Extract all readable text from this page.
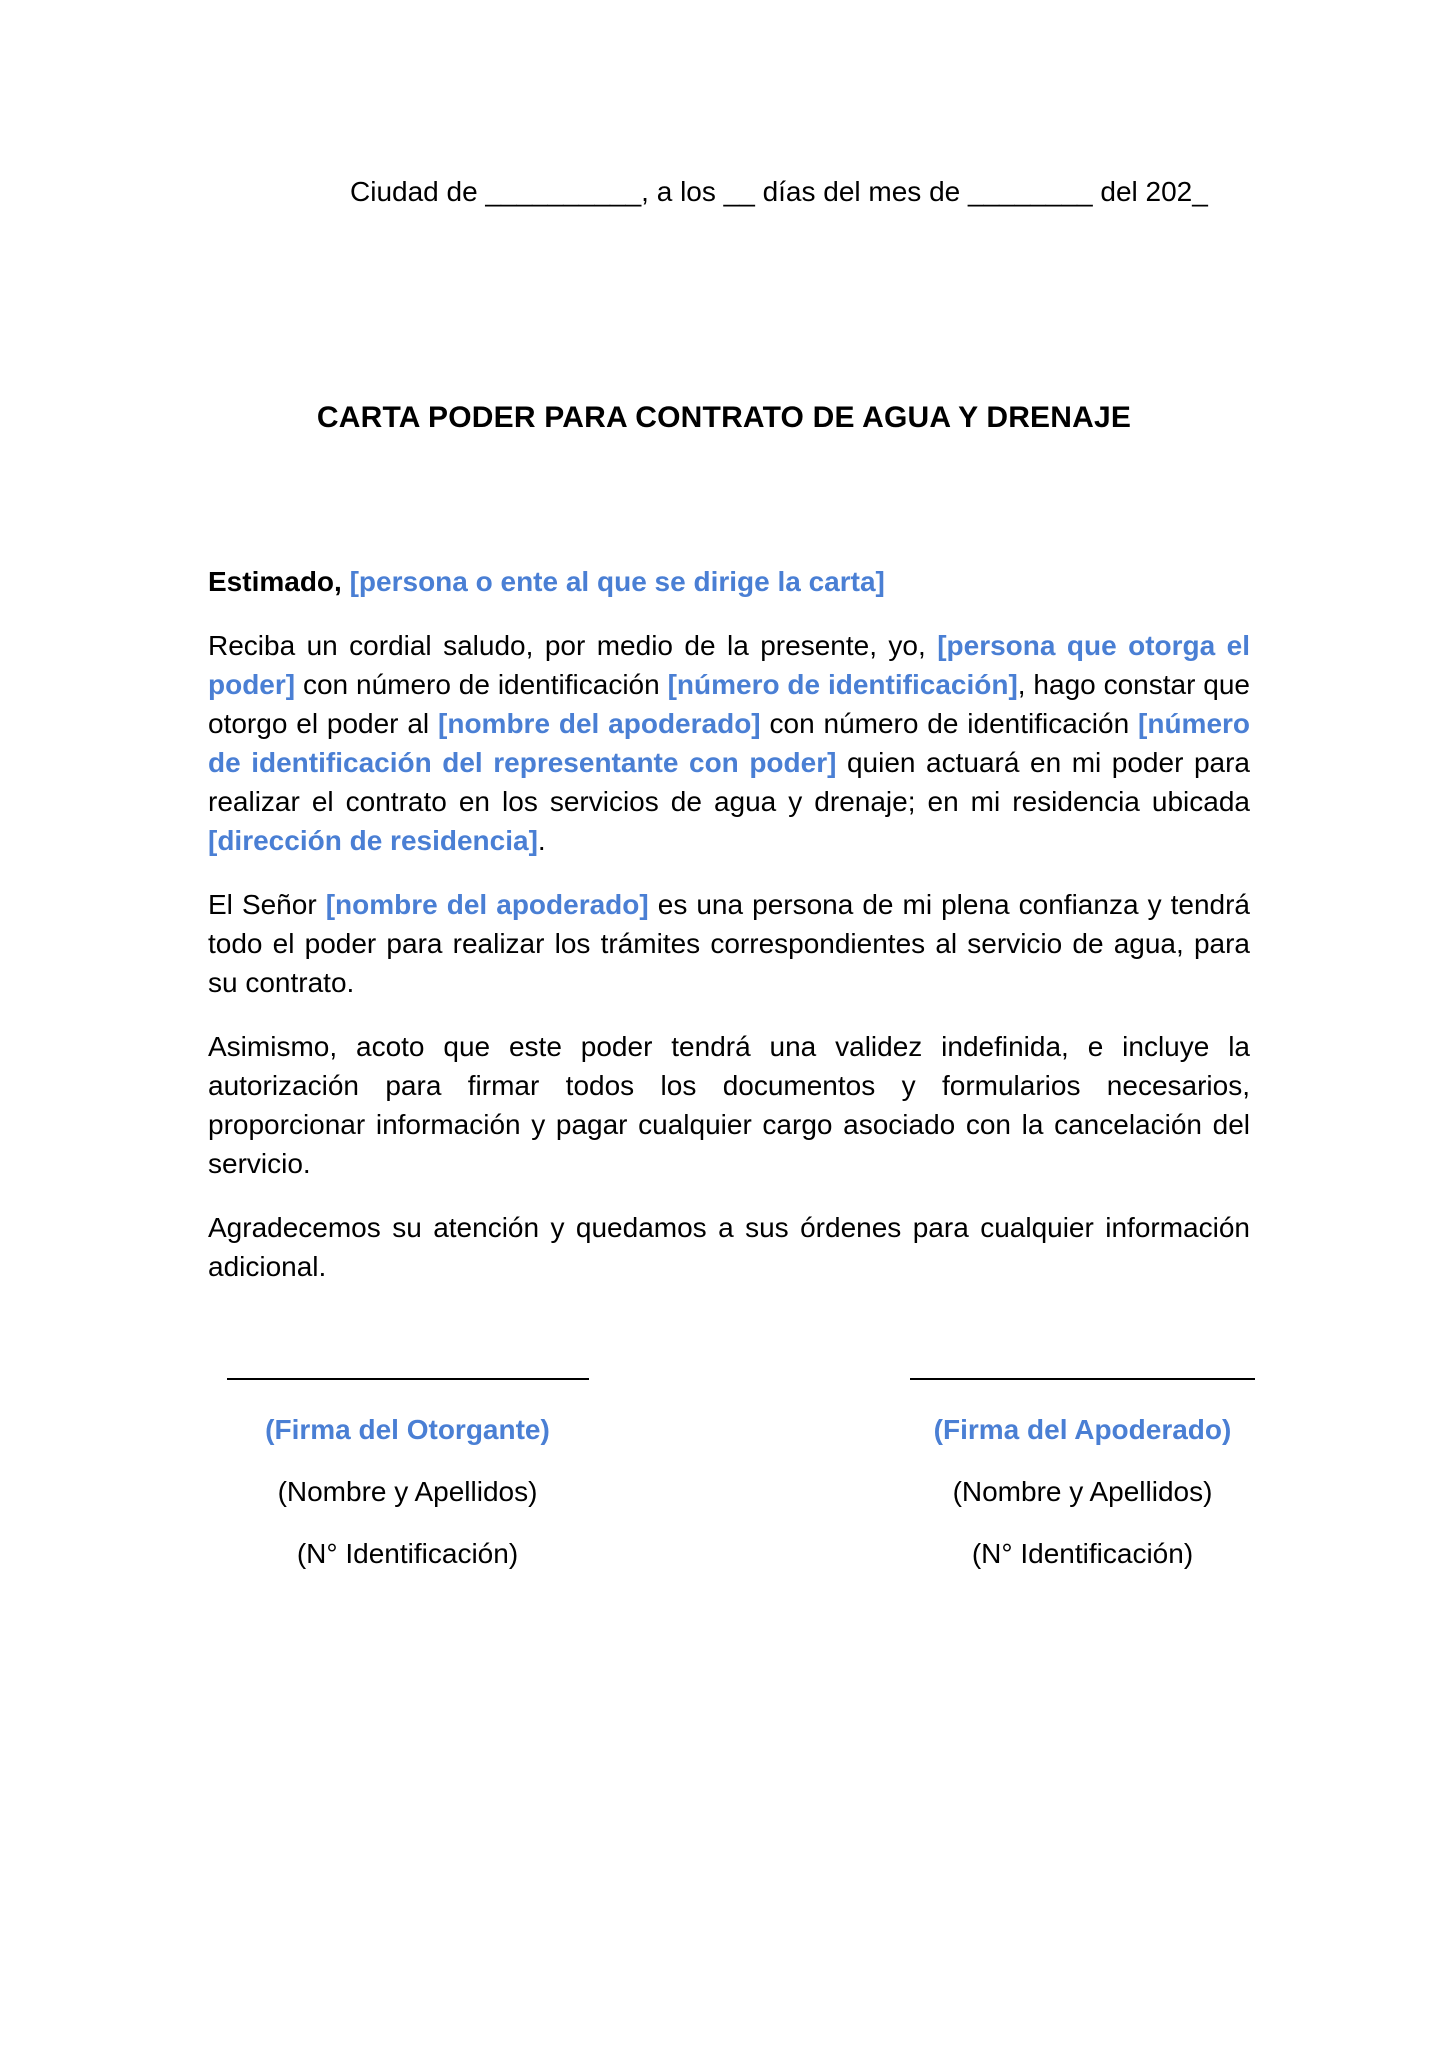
Ciudad de __________, a los __ días del mes de ________ del 202_
CARTA PODER PARA CONTRATO DE AGUA Y DRENAJE

Estimado, [persona o ente al que se dirige la carta]

Reciba un cordial saludo, por medio de la presente, yo, [persona que otorga el poder] con número de identificación [número de identificación], hago constar que otorgo el poder al [nombre del apoderado] con número de identificación [número de identificación del representante con poder] quien actuará en mi poder para realizar el contrato en los servicios de agua y drenaje; en mi residencia ubicada [dirección de residencia].

El Señor [nombre del apoderado] es una persona de mi plena confianza y tendrá todo el poder para realizar los trámites correspondientes al servicio de agua, para su contrato.

Asimismo, acoto que este poder tendrá una validez indefinida, e incluye la autorización para firmar todos los documentos y formularios necesarios, proporcionar información y pagar cualquier cargo asociado con la cancelación del servicio.

Agradecemos su atención y quedamos a sus órdenes para cualquier información adicional.

(Firma del Otorgante)
(Nombre y Apellidos)
(N° Identificación)
(Firma del Apoderado)
(Nombre y Apellidos)
(N° Identificación)
